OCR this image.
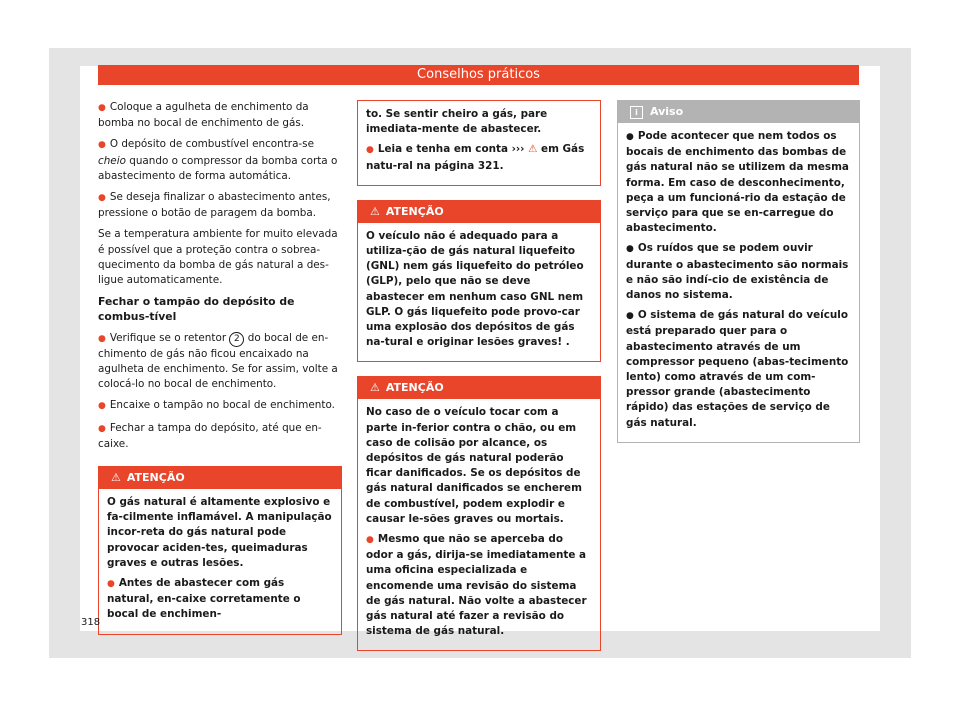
Conselhos práticos

● Coloque a agulheta de enchimento da bomba no bocal de enchimento de gás.

● O depósito de combustível encontra-se cheio quando o compressor da bomba corta o abastecimento de forma automática.

● Se deseja finalizar o abastecimento antes, pressione o botão de paragem da bomba.

Se a temperatura ambiente for muito elevada é possível que a proteção contra o sobrea-quecimento da bomba de gás natural a des-ligue automaticamente.

Fechar o tampão do depósito de combus-tível

● Verifique se o retentor 2 do bocal de en-chimento de gás não ficou encaixado na agulheta de enchimento. Se for assim, volte a colocá-lo no bocal de enchimento.

● Encaixe o tampão no bocal de enchimento.

● Fechar a tampa do depósito, até que en-caixe.

⚠ ATENÇÃO

O gás natural é altamente explosivo e fa-cilmente inflamável. A manipulação incor-reta do gás natural pode provocar aciden-tes, queimaduras graves e outras lesões.

● Antes de abastecer com gás natural, en-caixe corretamente o bocal de enchimen-

to. Se sentir cheiro a gás, pare imediata-mente de abastecer.

● Leia e tenha em conta ››› ⚠ em Gás natu-ral na página 321.

⚠ ATENÇÃO

O veículo não é adequado para a utiliza-ção de gás natural liquefeito (GNL) nem gás liquefeito do petróleo (GLP), pelo que não se deve abastecer em nenhum caso GNL nem GLP. O gás liquefeito pode provo-car uma explosão dos depósitos de gás na-tural e originar lesões graves! .

⚠ ATENÇÃO

No caso de o veículo tocar com a parte in-ferior contra o chão, ou em caso de colisão por alcance, os depósitos de gás natural poderão ficar danificados. Se os depósitos de gás natural danificados se encherem de combustível, podem explodir e causar le-sões graves ou mortais.

● Mesmo que não se aperceba do odor a gás, dirija-se imediatamente a uma oficina especializada e encomende uma revisão do sistema de gás natural. Não volte a abastecer gás natural até fazer a revisão do sistema de gás natural.

i Aviso

● Pode acontecer que nem todos os bocais de enchimento das bombas de gás natural não se utilizem da mesma forma. Em caso de desconhecimento, peça a um funcioná-rio da estação de serviço para que se en-carregue do abastecimento.

● Os ruídos que se podem ouvir durante o abastecimento são normais e não são indí-cio de existência de danos no sistema.

● O sistema de gás natural do veículo está preparado quer para o abastecimento através de um compressor pequeno (abas-tecimento lento) como através de um com-pressor grande (abastecimento rápido) das estações de serviço de gás natural.

318
